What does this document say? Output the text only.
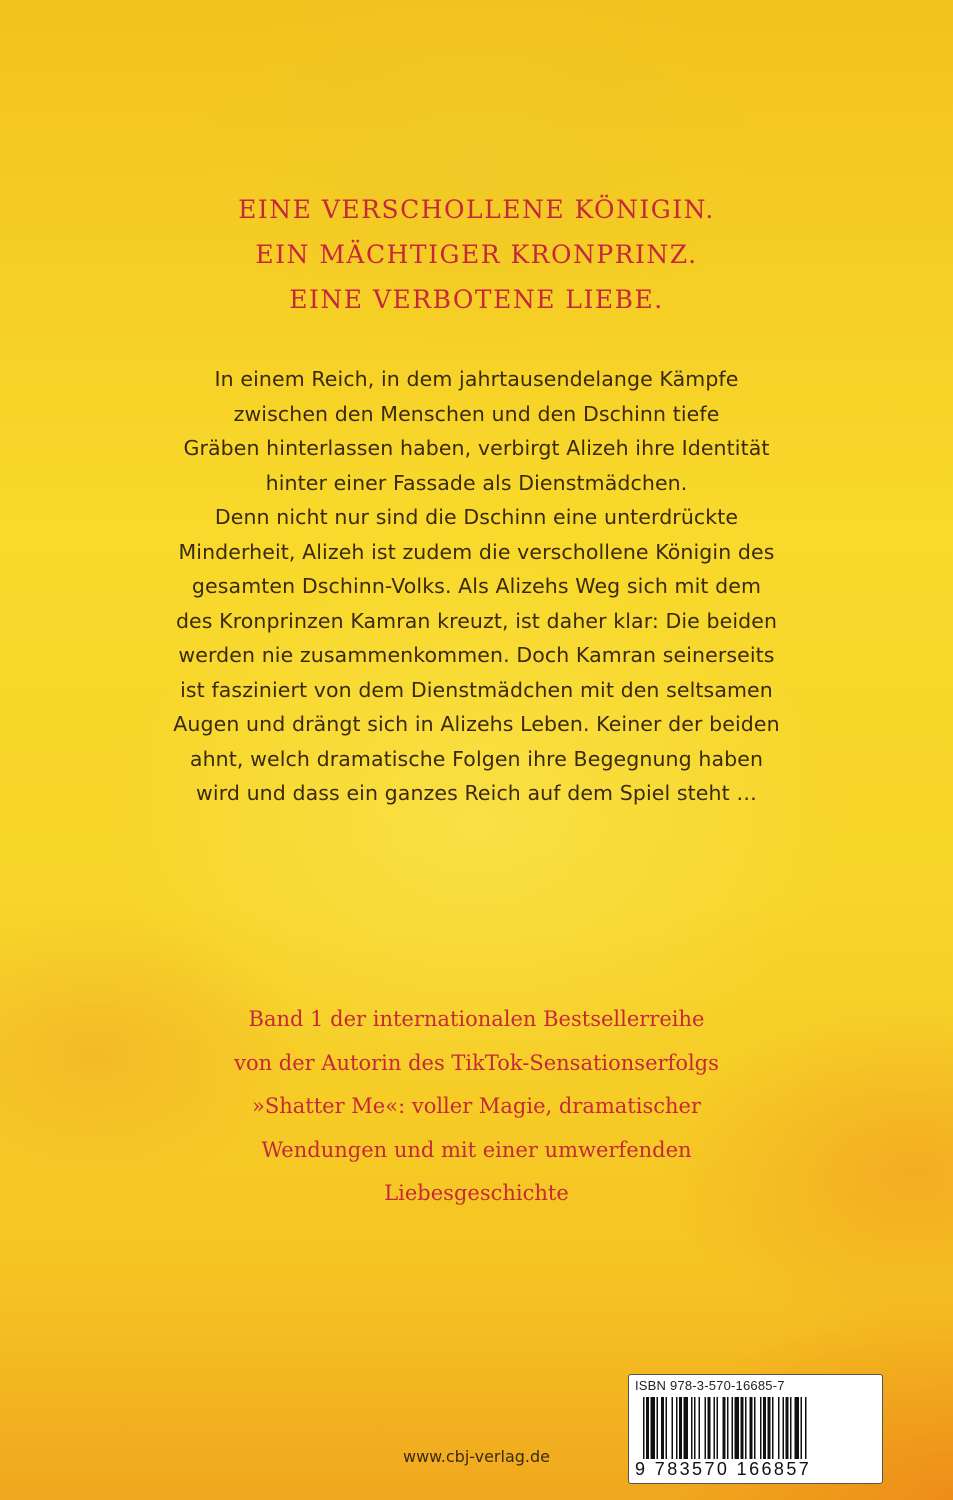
EINE VERSCHOLLENE KÖNIGIN.
EIN MÄCHTIGER KRONPRINZ.
EINE VERBOTENE LIEBE.
In einem Reich, in dem jahrtausendelange Kämpfe
zwischen den Menschen und den Dschinn tiefe
Gräben hinterlassen haben, verbirgt Alizeh ihre Identität
hinter einer Fassade als Dienstmädchen.
Denn nicht nur sind die Dschinn eine unterdrückte
Minderheit, Alizeh ist zudem die verschollene Königin des
gesamten Dschinn-Volks. Als Alizehs Weg sich mit dem
des Kronprinzen Kamran kreuzt, ist daher klar: Die beiden
werden nie zusammenkommen. Doch Kamran seinerseits
ist fasziniert von dem Dienstmädchen mit den seltsamen
Augen und drängt sich in Alizehs Leben. Keiner der beiden
ahnt, welch dramatische Folgen ihre Begegnung haben
wird und dass ein ganzes Reich auf dem Spiel steht …
Band 1 der internationalen Bestsellerreihe
von der Autorin des TikTok-Sensationserfolgs
»Shatter Me«: voller Magie, dramatischer
Wendungen und mit einer umwerfenden
Liebesgeschichte
www.cbj-verlag.de
ISBN 978-3-570-16685-7
9 783570 166857
